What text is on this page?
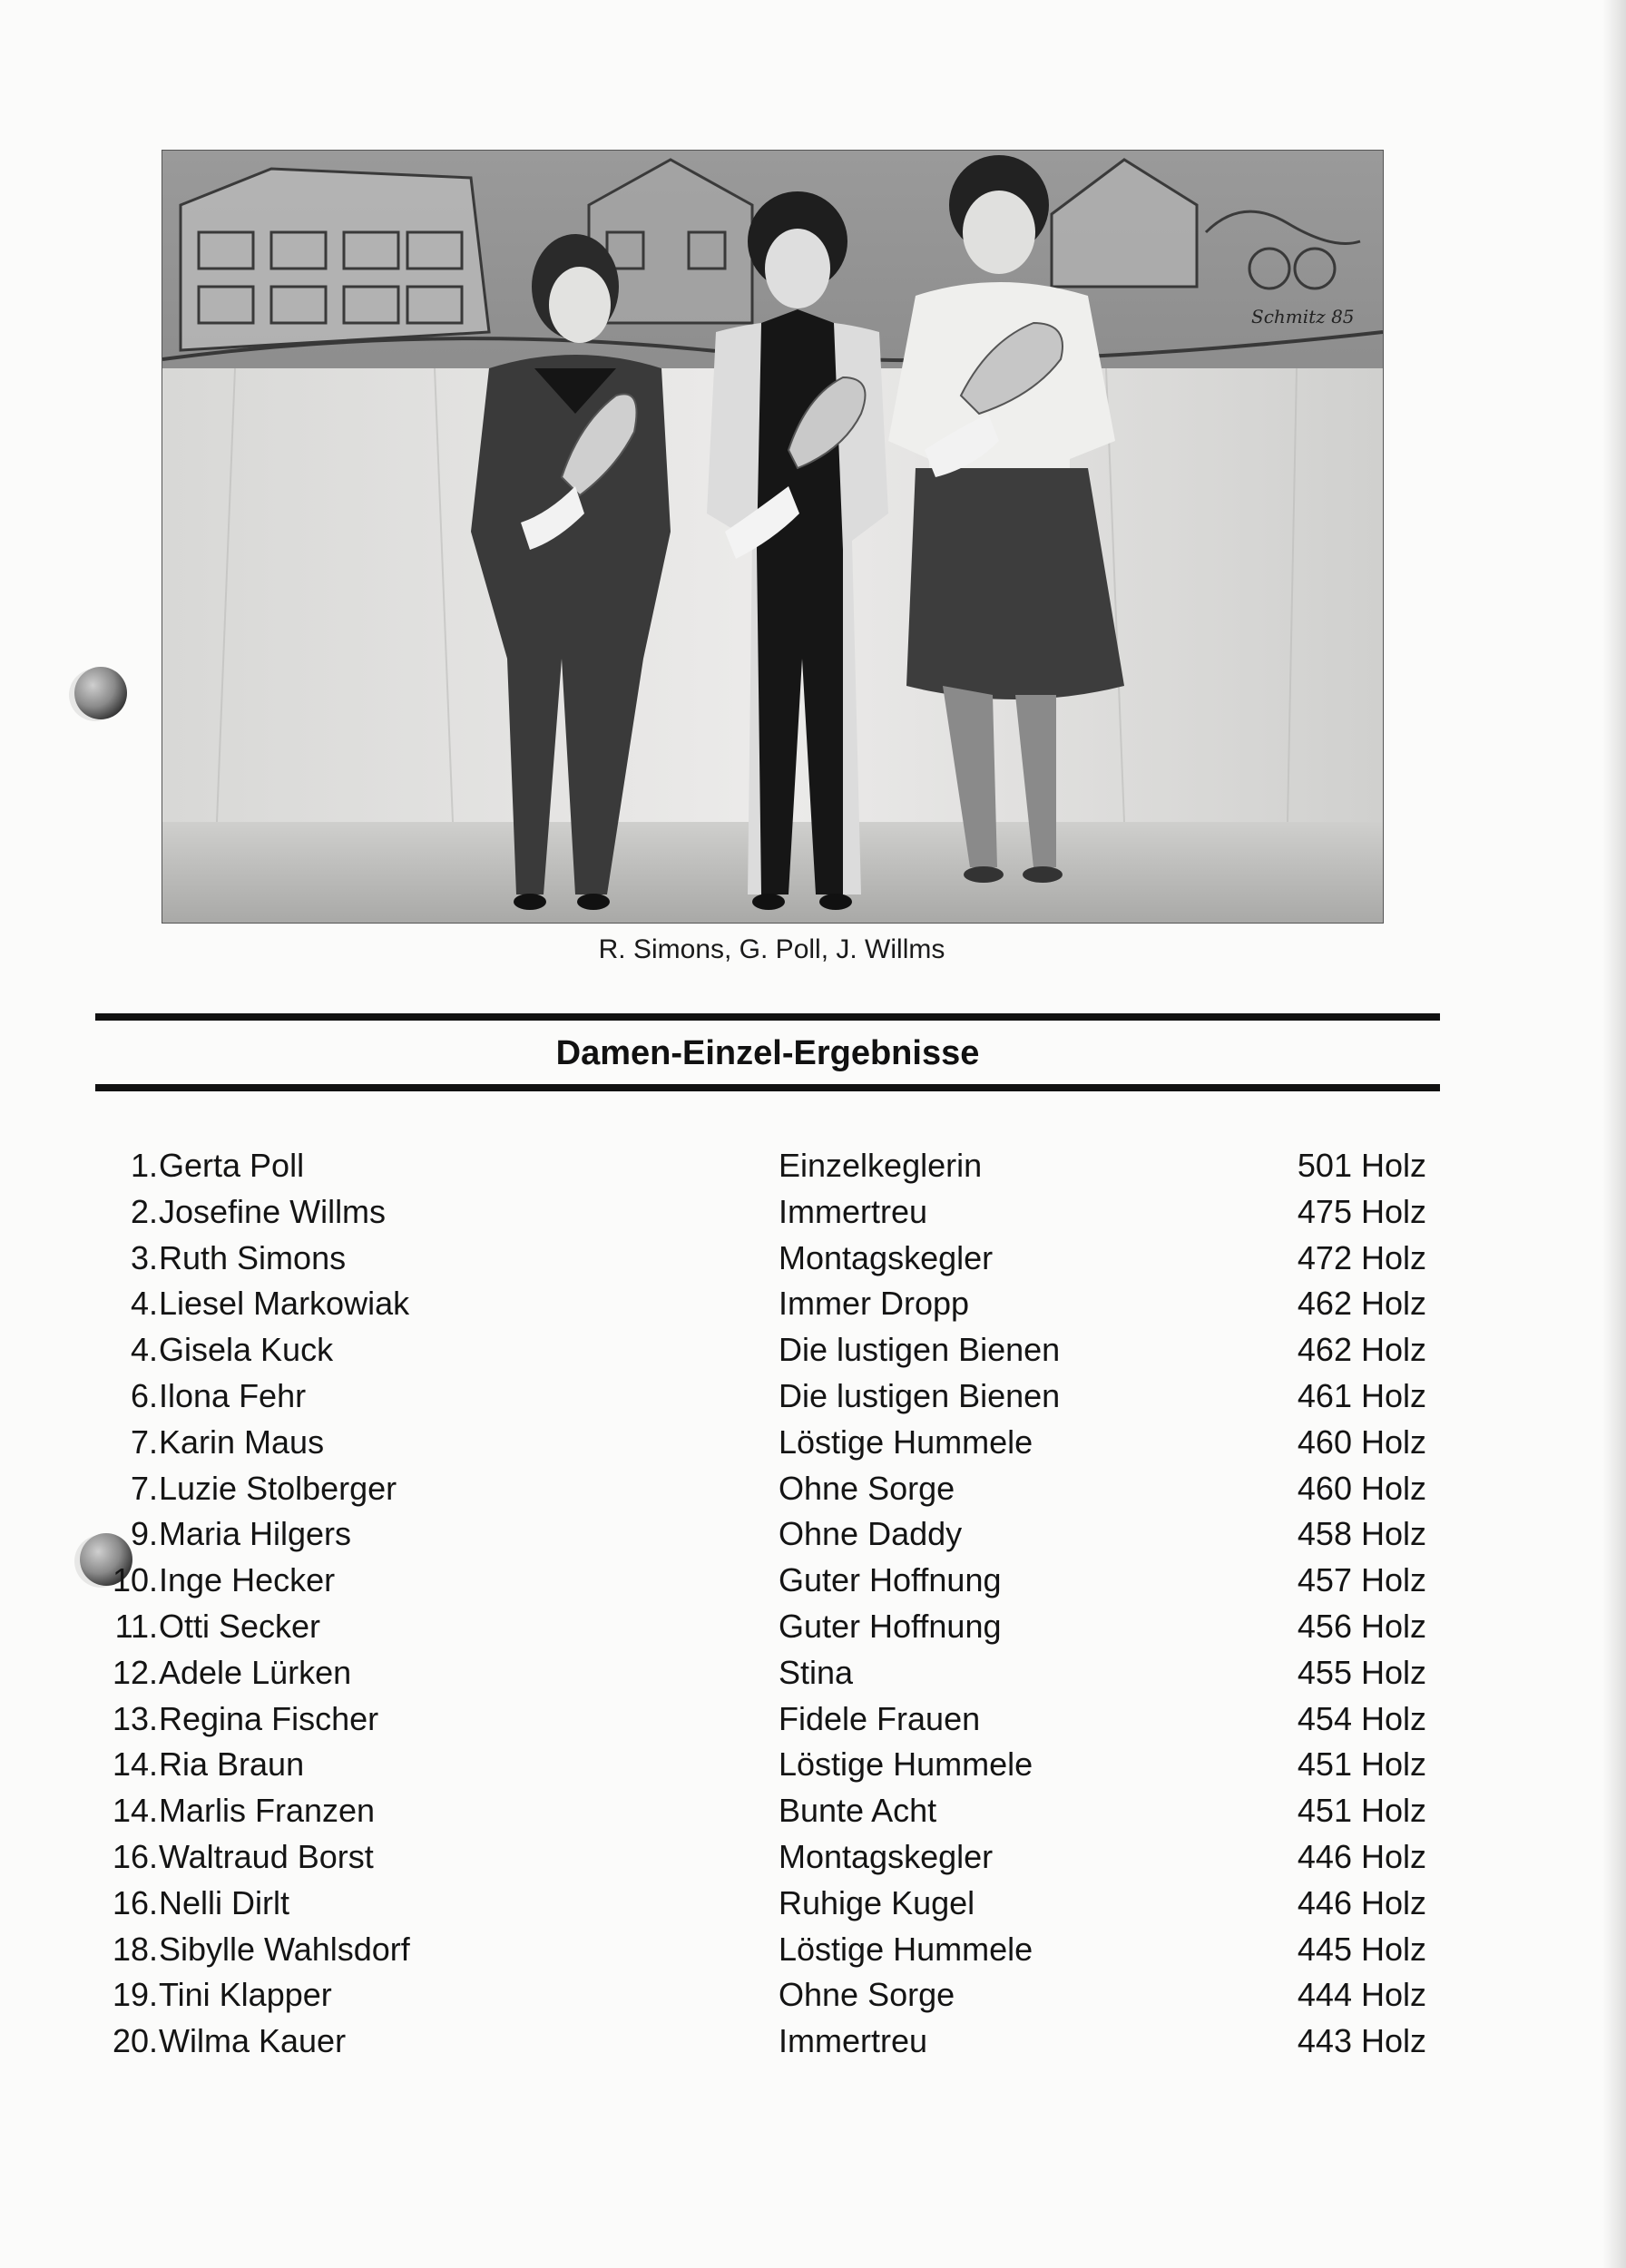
Schmitz 85
R. Simons, G. Poll, J. Willms
Damen-Einzel-Ergebnisse
1. Gerta Poll	Einzelkeglerin	501 Holz
2. Josefine Willms	Immertreu	475 Holz
3. Ruth Simons	Montagskegler	472 Holz
4. Liesel Markowiak	Immer Dropp	462 Holz
4. Gisela Kuck	Die lustigen Bienen	462 Holz
6. Ilona Fehr	Die lustigen Bienen	461 Holz
7. Karin Maus	Löstige Hummele	460 Holz
7. Luzie Stolberger	Ohne Sorge	460 Holz
9. Maria Hilgers	Ohne Daddy	458 Holz
10. Inge Hecker	Guter Hoffnung	457 Holz
11. Otti Secker	Guter Hoffnung	456 Holz
12. Adele Lürken	Stina	455 Holz
13. Regina Fischer	Fidele Frauen	454 Holz
14. Ria Braun	Löstige Hummele	451 Holz
14. Marlis Franzen	Bunte Acht	451 Holz
16. Waltraud Borst	Montagskegler	446 Holz
16. Nelli Dirlt	Ruhige Kugel	446 Holz
18. Sibylle Wahlsdorf	Löstige Hummele	445 Holz
19. Tini Klapper	Ohne Sorge	444 Holz
20. Wilma Kauer	Immertreu	443 Holz
